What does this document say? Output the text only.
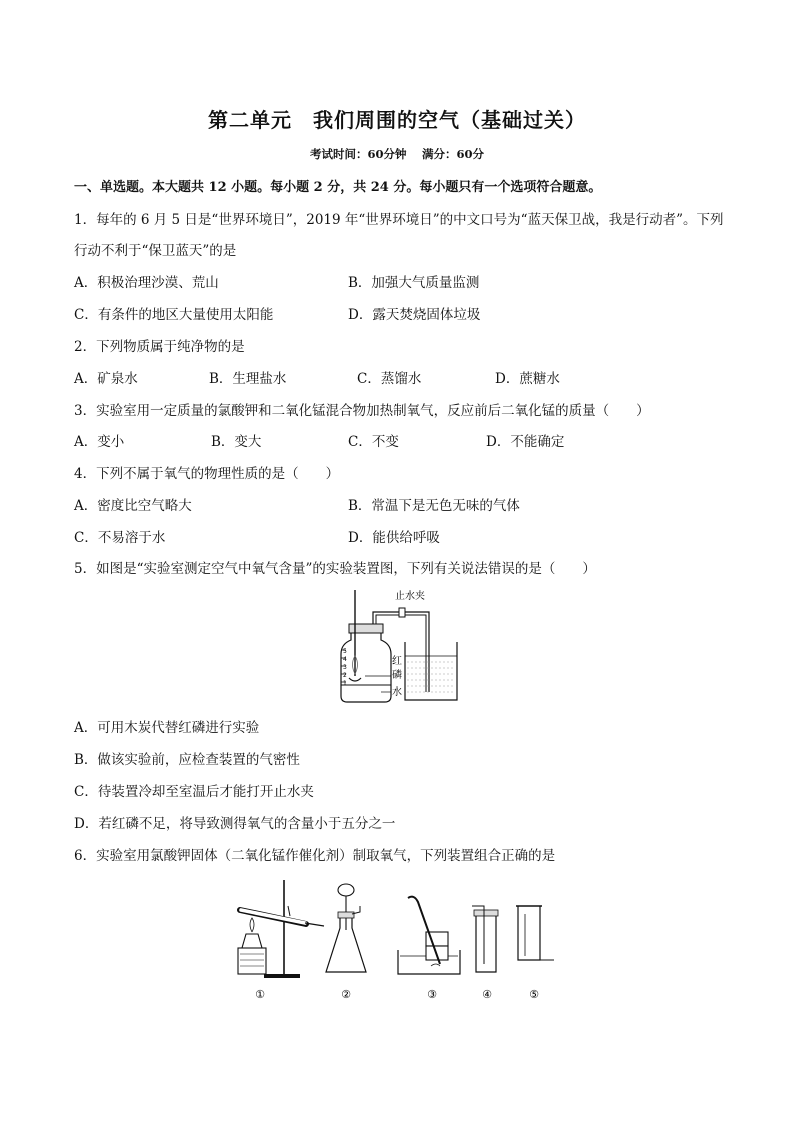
第二单元　我们周围的空气（基础过关）
考试时间：60分钟　 满分：60分
一、单选题。本大题共 12 小题。每小题 2 分，共 24 分。每小题只有一个选项符合题意。
1．每年的 6 月 5 日是“世界环境日”，2019 年“世界环境日”的中文口号为“蓝天保卫战，我是行动者”。下列
行动不利于“保卫蓝天”的是
A．积极治理沙漠、荒山	B．加强大气质量监测
C．有条件的地区大量使用太阳能	D．露天焚烧固体垃圾
2．下列物质属于纯净物的是
A．矿泉水	B．生理盐水	C．蒸馏水	D．蔗糖水
3．实验室用一定质量的氯酸钾和二氧化锰混合物加热制氧气，反应前后二氧化锰的质量（　　）
A．变小	B．变大	C．不变	D．不能确定
4．下列不属于氧气的物理性质的是（　　）
A．密度比空气略大	B．常温下是无色无味的气体
C．不易溶于水	D．能供给呼吸
5．如图是“实验室测定空气中氧气含量”的实验装置图，下列有关说法错误的是（　　）
5
4
3
2
1
止水夹
红
磷
水
A．可用木炭代替红磷进行实验
B．做该实验前，应检查装置的气密性
C．待装置冷却至室温后才能打开止水夹
D．若红磷不足，将导致测得氧气的含量小于五分之一
6．实验室用氯酸钾固体（二氧化锰作催化剂）制取氧气，下列装置组合正确的是
①	②	③	④	⑤
